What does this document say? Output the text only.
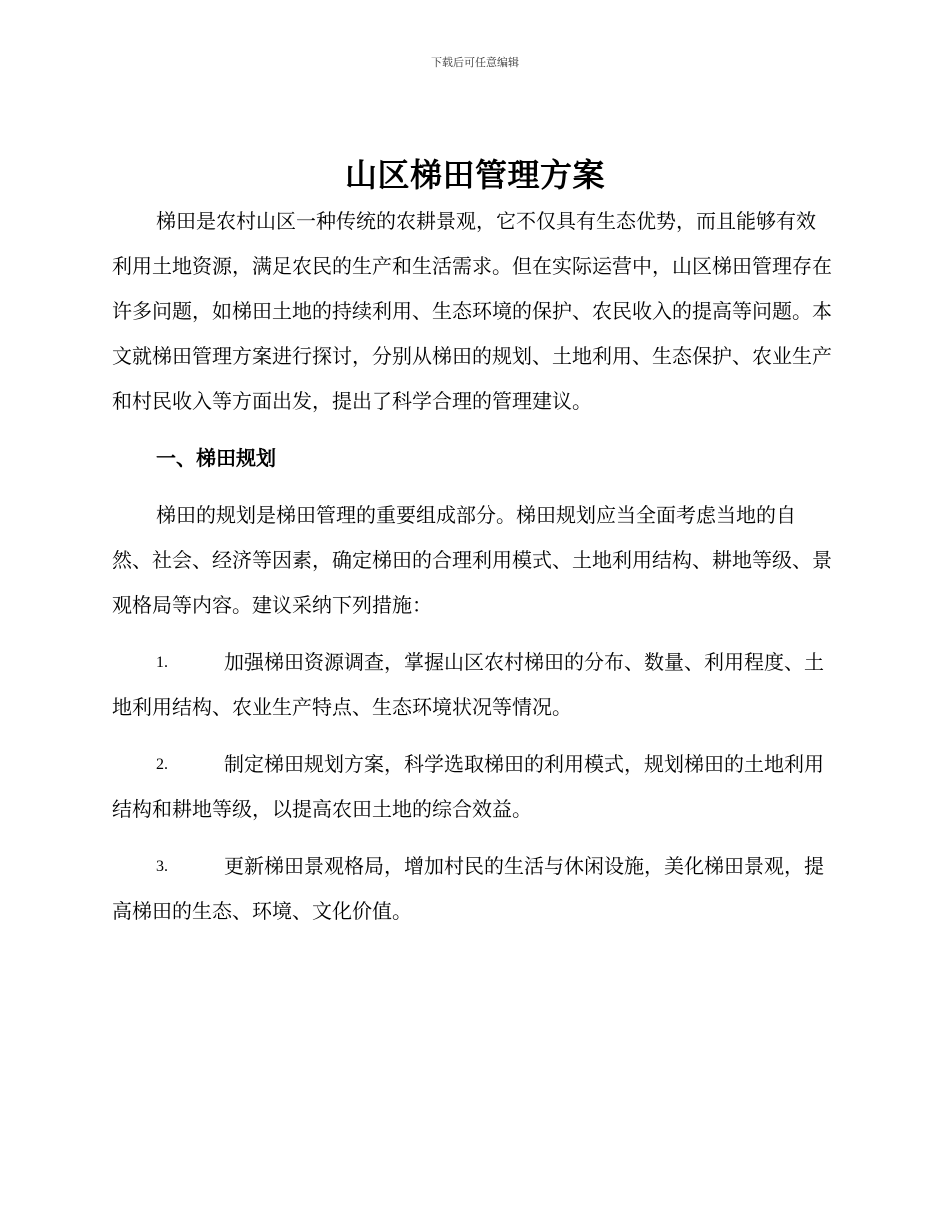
下载后可任意编辑
山区梯田管理方案

梯田是农村山区一种传统的农耕景观，它不仅具有生态优势，而且能够有效利用土地资源，满足农民的生产和生活需求。但在实际运营中，山区梯田管理存在许多问题，如梯田土地的持续利用、生态环境的保护、农民收入的提高等问题。本文就梯田管理方案进行探讨，分别从梯田的规划、土地利用、生态保护、农业生产和村民收入等方面出发，提出了科学合理的管理建议。

一、梯田规划

梯田的规划是梯田管理的重要组成部分。梯田规划应当全面考虑当地的自然、社会、经济等因素，确定梯田的合理利用模式、土地利用结构、耕地等级、景观格局等内容。建议采纳下列措施：

1.	加强梯田资源调查，掌握山区农村梯田的分布、数量、利用程度、土地利用结构、农业生产特点、生态环境状况等情况。

2.	制定梯田规划方案，科学选取梯田的利用模式，规划梯田的土地利用结构和耕地等级，以提高农田土地的综合效益。

3.	更新梯田景观格局，增加村民的生活与休闲设施，美化梯田景观，提高梯田的生态、环境、文化价值。
